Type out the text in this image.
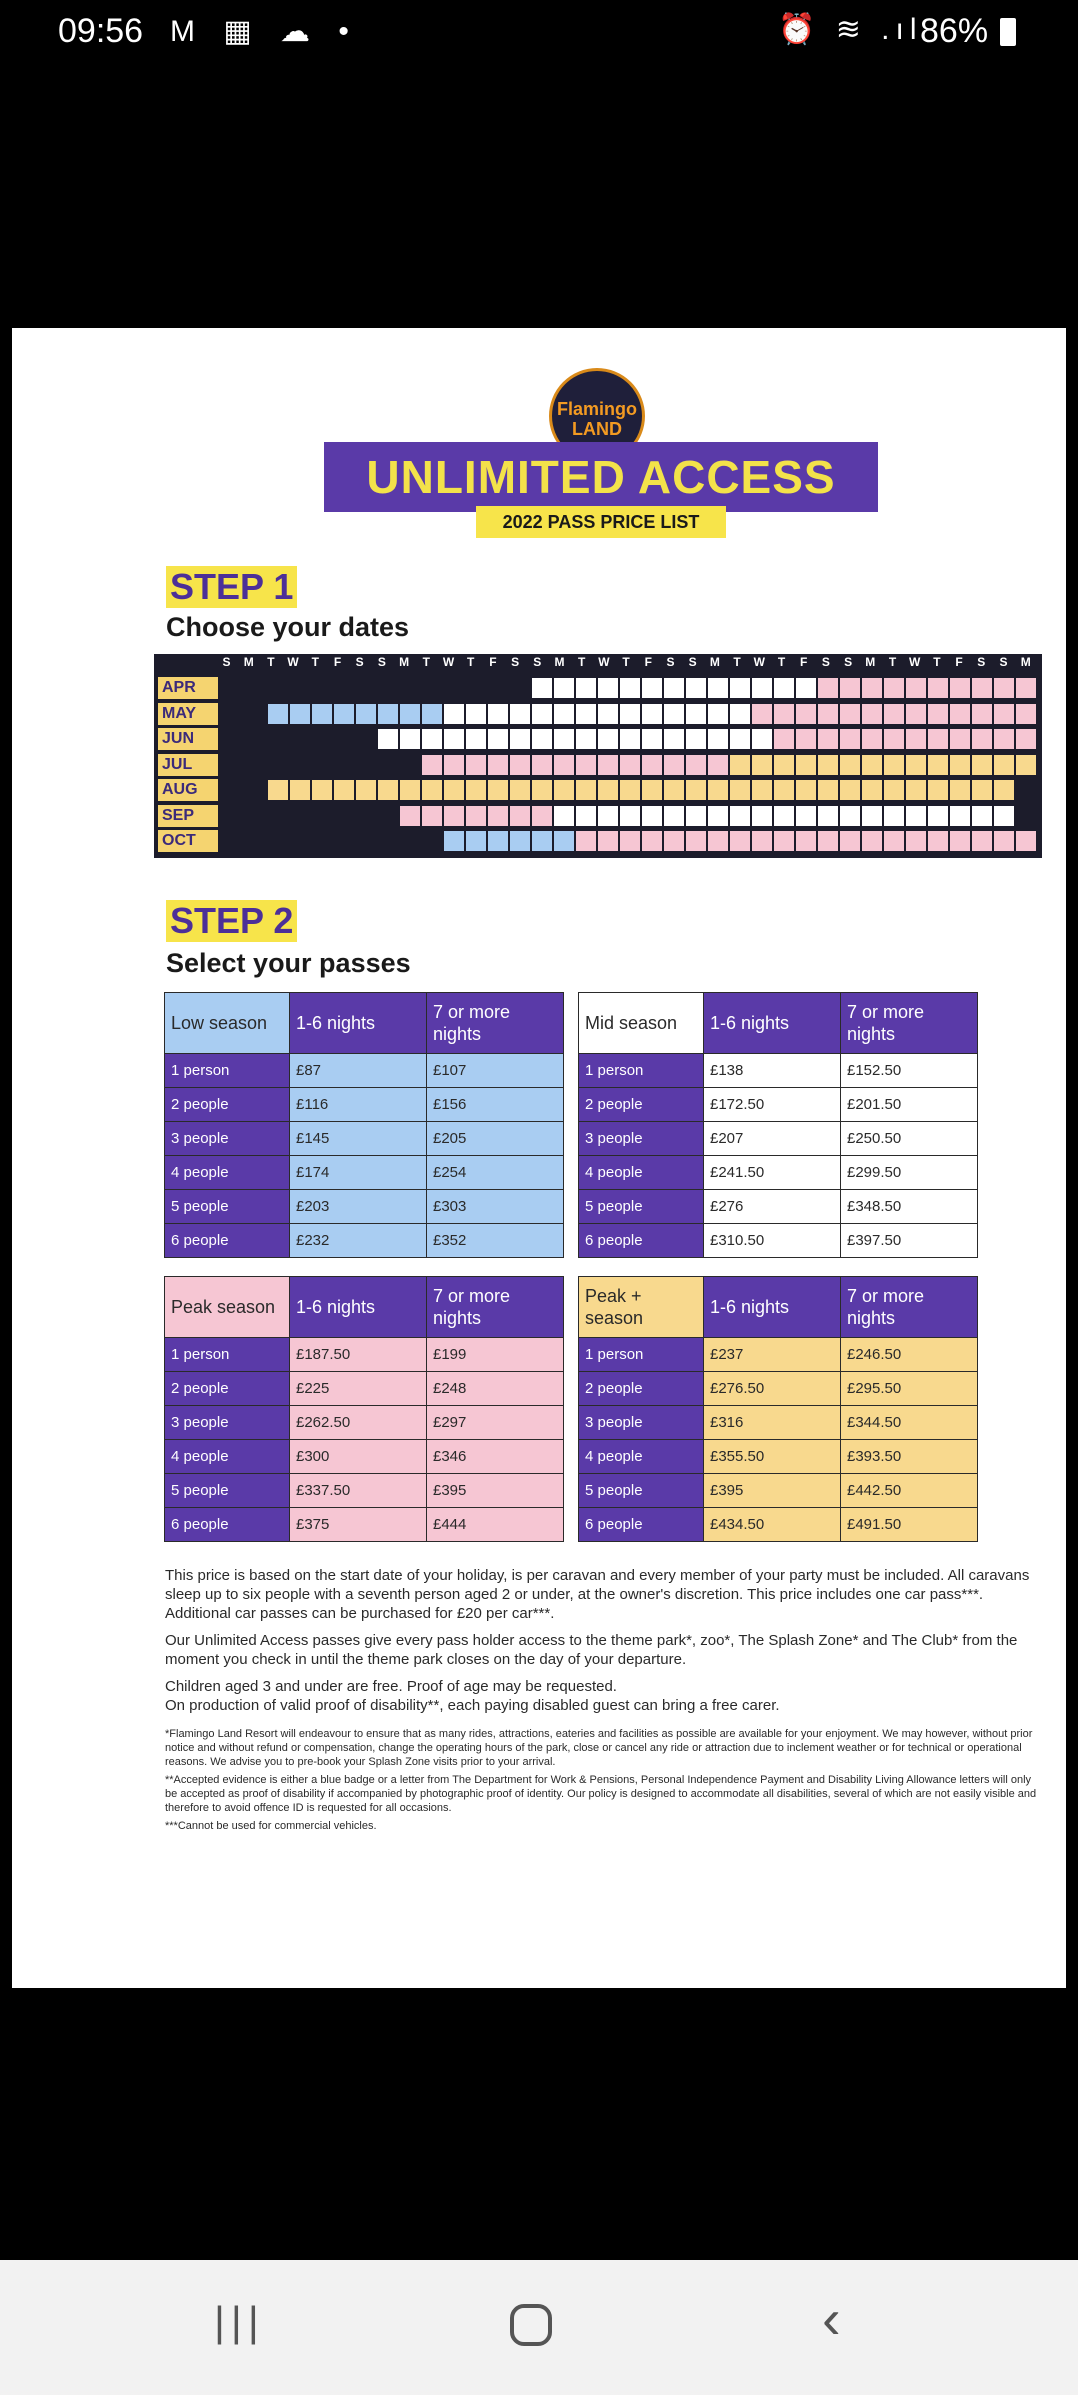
09:56 M ▦ ☁ •	⏰ ≋ .ıl
86%
Flamingo
LAND
UNLIMITED ACCESS
2022 PASS PRICE LIST
STEP 1
Choose your dates
S	M	T	W	T	F	S	S	M	T	W	T	F	S	S	M	T	W	T	F	S	S	M	T	W	T	F	S	S	M	T	W	T	F	S	S	M
APR
MAY
JUN
JUL
AUG
SEP
OCT
STEP 2
Select your passes
Low season	1-6 nights	7 or more nights
1 person	£87	£107
2 people	£116	£156
3 people	£145	£205
4 people	£174	£254
5 people	£203	£303
6 people	£232	£352
Mid season	1-6 nights	7 or more nights
1 person	£138	£152.50
2 people	£172.50	£201.50
3 people	£207	£250.50
4 people	£241.50	£299.50
5 people	£276	£348.50
6 people	£310.50	£397.50
Peak season	1-6 nights	7 or more nights
1 person	£187.50	£199
2 people	£225	£248
3 people	£262.50	£297
4 people	£300	£346
5 people	£337.50	£395
6 people	£375	£444
Peak + season	1-6 nights	7 or more nights
1 person	£237	£246.50
2 people	£276.50	£295.50
3 people	£316	£344.50
4 people	£355.50	£393.50
5 people	£395	£442.50
6 people	£434.50	£491.50

This price is based on the start date of your holiday, is per caravan and every member of your party must be included. All caravans sleep up to six people with a seventh person aged 2 or under, at the owner's discretion. This price includes one car pass***. Additional car passes can be purchased for £20 per car***.

Our Unlimited Access passes give every pass holder access to the theme park*, zoo*, The Splash Zone* and The Club* from the moment you check in until the theme park closes on the day of your departure.

Children aged 3 and under are free. Proof of age may be requested.

On production of valid proof of disability**, each paying disabled guest can bring a free carer.

*Flamingo Land Resort will endeavour to ensure that as many rides, attractions, eateries and facilities as possible are available for your enjoyment. We may however, without prior notice and without refund or compensation, change the operating hours of the park, close or cancel any ride or attraction due to inclement weather or for technical or operational reasons. We advise you to pre-book your Splash Zone visits prior to your arrival.

**Accepted evidence is either a blue badge or a letter from The Department for Work & Pensions, Personal Independence Payment and Disability Living Allowance letters will only be accepted as proof of disability if accompanied by photographic proof of identity. Our policy is designed to accommodate all disabilities, several of which are not easily visible and therefore to avoid offence ID is requested for all occasions.

***Cannot be used for commercial vehicles.

|||	‹
